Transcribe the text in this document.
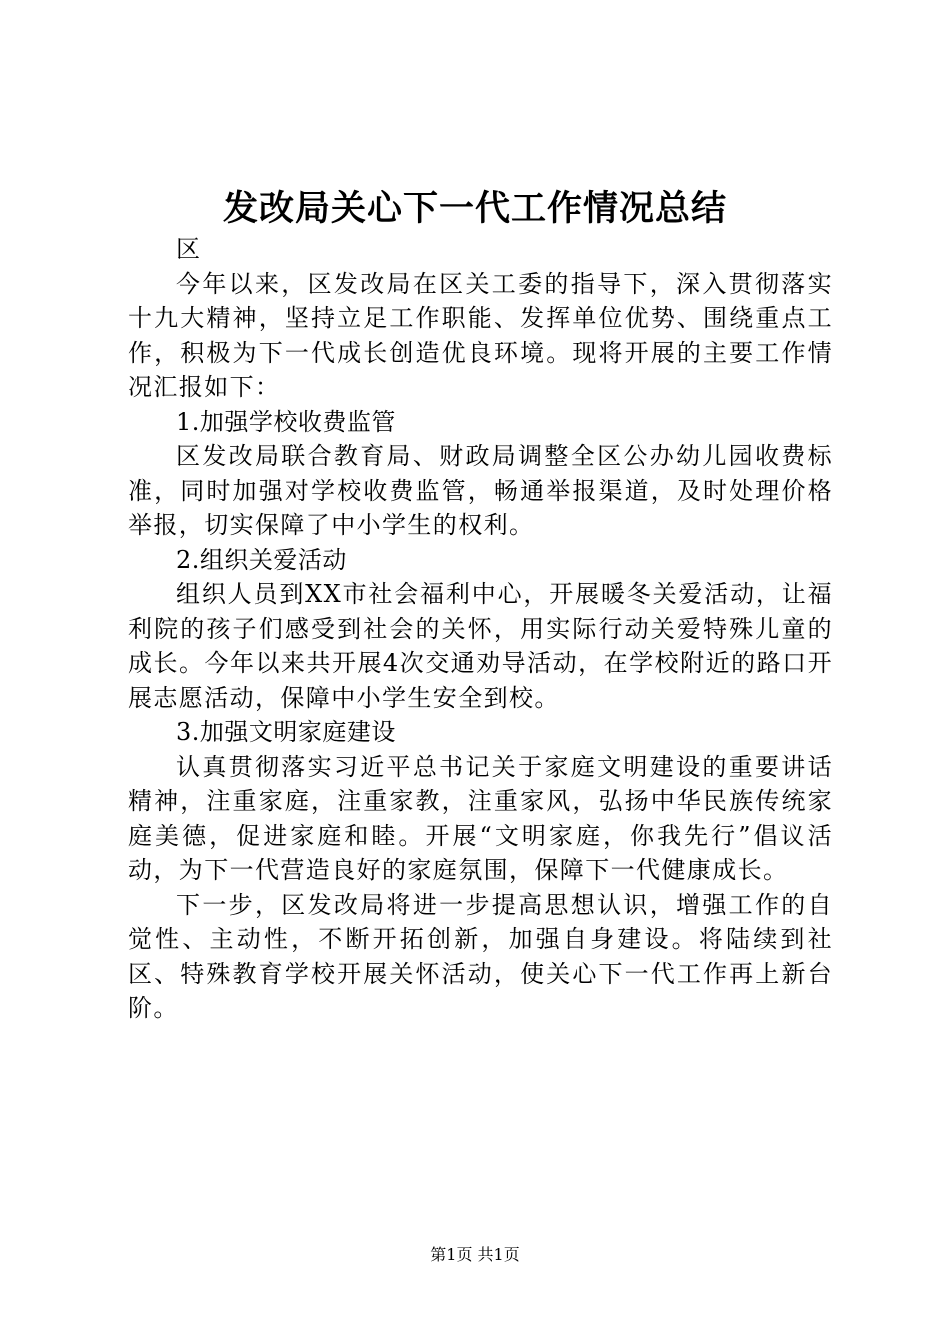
发改局关心下一代工作情况总结

区

今年以来，区发改局在区关工委的指导下，深入贯彻落实十九大精神，坚持立足工作职能、发挥单位优势、围绕重点工作，积极为下一代成长创造优良环境。现将开展的主要工作情况汇报如下：

1.加强学校收费监管

区发改局联合教育局、财政局调整全区公办幼儿园收费标准，同时加强对学校收费监管，畅通举报渠道，及时处理价格举报，切实保障了中小学生的权利。

2.组织关爱活动

组织人员到XX市社会福利中心，开展暖冬关爱活动，让福利院的孩子们感受到社会的关怀，用实际行动关爱特殊儿童的成长。今年以来共开展4次交通劝导活动，在学校附近的路口开展志愿活动，保障中小学生安全到校。

3.加强文明家庭建设

认真贯彻落实习近平总书记关于家庭文明建设的重要讲话精神，注重家庭，注重家教，注重家风，弘扬中华民族传统家庭美德，促进家庭和睦。开展“文明家庭，你我先行”倡议活动，为下一代营造良好的家庭氛围，保障下一代健康成长。

下一步，区发改局将进一步提高思想认识，增强工作的自觉性、主动性，不断开拓创新，加强自身建设。将陆续到社区、特殊教育学校开展关怀活动，使关心下一代工作再上新台阶。

第1页 共1页
